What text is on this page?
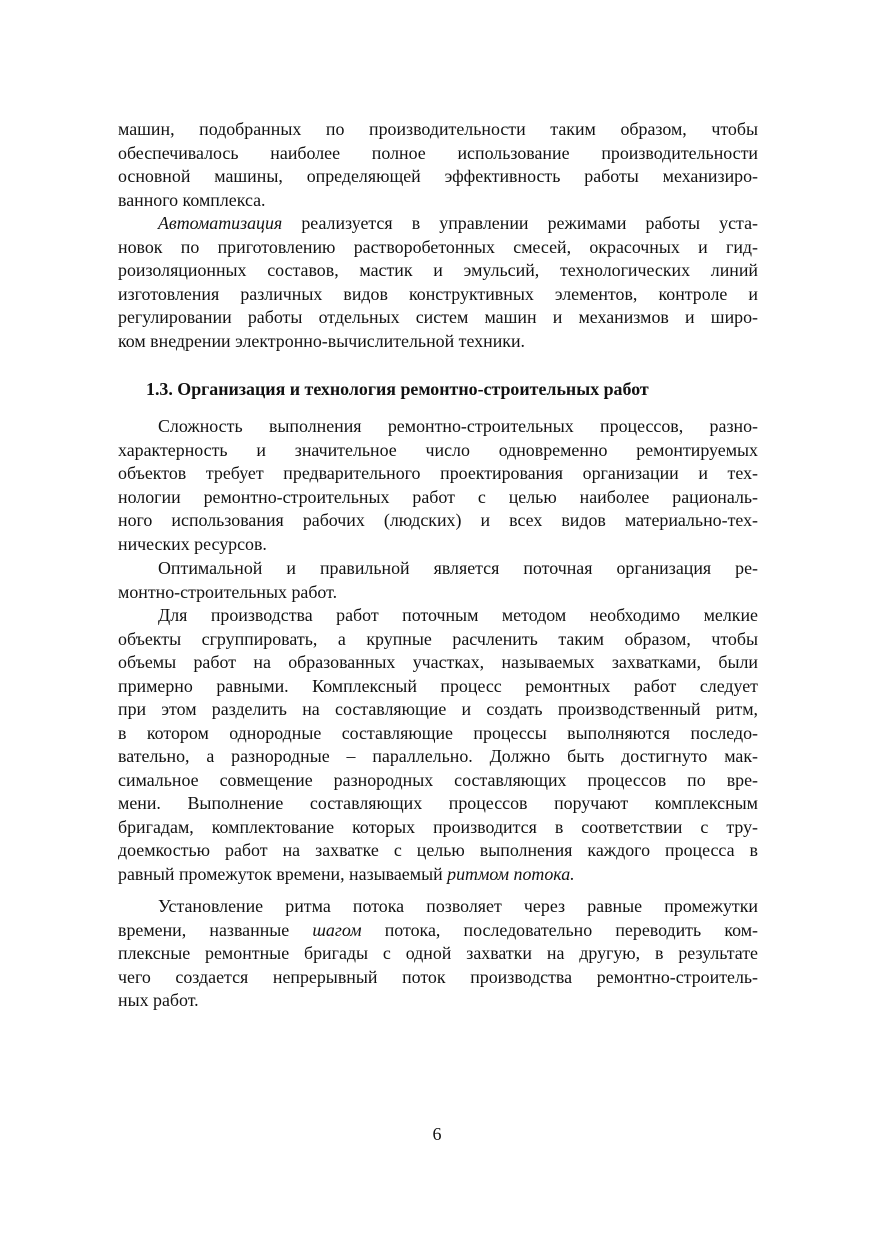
машин, подобранных по производительности таким образом, чтобы
обеспечивалось наиболее полное использование производительности
основной машины, определяющей эффективность работы механизиро-
ванного комплекса.
Автоматизация реализуется в управлении режимами работы уста-
новок по приготовлению растворобетонных смесей, окрасочных и гид-
роизоляционных составов, мастик и эмульсий, технологических линий
изготовления различных видов конструктивных элементов, контроле и
регулировании работы отдельных систем машин и механизмов и широ-
ком внедрении электронно-вычислительной техники.
1.3. Организация и технология ремонтно-строительных работ
Сложность выполнения ремонтно-строительных процессов, разно-
характерность и значительное число одновременно ремонтируемых
объектов требует предварительного проектирования организации и тех-
нологии ремонтно-строительных работ с целью наиболее рациональ-
ного использования рабочих (людских) и всех видов материально-тех-
нических ресурсов.
Оптимальной и правильной является поточная организация ре-
монтно-строительных работ.
Для производства работ поточным методом необходимо мелкие
объекты сгруппировать, а крупные расчленить таким образом, чтобы
объемы работ на образованных участках, называемых захватками, были
примерно равными. Комплексный процесс ремонтных работ следует
при этом разделить на составляющие и создать производственный ритм,
в котором однородные составляющие процессы выполняются последо-
вательно, а разнородные – параллельно. Должно быть достигнуто мак-
симальное совмещение разнородных составляющих процессов по вре-
мени. Выполнение составляющих процессов поручают комплексным
бригадам, комплектование которых производится в соответствии с тру-
доемкостью работ на захватке с целью выполнения каждого процесса в
равный промежуток времени, называемый ритмом потока.
Установление ритма потока позволяет через равные промежутки
времени, названные шагом потока, последовательно переводить ком-
плексные ремонтные бригады с одной захватки на другую, в результате
чего создается непрерывный поток производства ремонтно-строитель-
ных работ.
6
